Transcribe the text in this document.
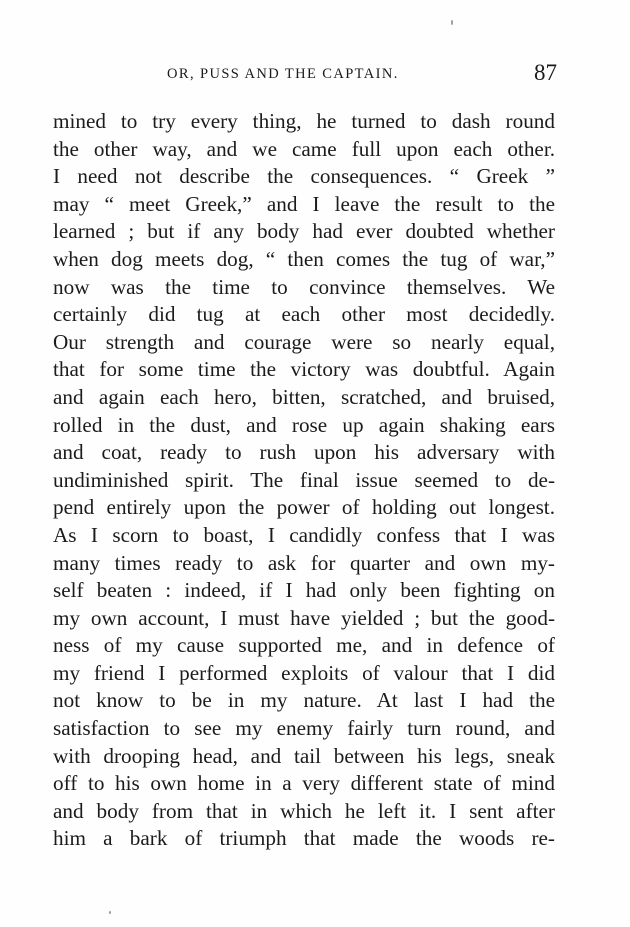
OR, PUSS AND THE CAPTAIN.	87
mined to try every thing, he turned to dash round
the other way, and we came full upon each other.
I need not describe the consequences. “ Greek ”
may “ meet Greek,” and I leave the result to the
learned ; but if any body had ever doubted whether
when dog meets dog, “ then comes the tug of war,”
now was the time to convince themselves. We
certainly did tug at each other most decidedly.
Our strength and courage were so nearly equal,
that for some time the victory was doubtful. Again
and again each hero, bitten, scratched, and bruised,
rolled in the dust, and rose up again shaking ears
and coat, ready to rush upon his adversary with
undiminished spirit. The final issue seemed to de-
pend entirely upon the power of holding out longest.
As I scorn to boast, I candidly confess that I was
many times ready to ask for quarter and own my-
self beaten : indeed, if I had only been fighting on
my own account, I must have yielded ; but the good-
ness of my cause supported me, and in defence of
my friend I performed exploits of valour that I did
not know to be in my nature. At last I had the
satisfaction to see my enemy fairly turn round, and
with drooping head, and tail between his legs, sneak
off to his own home in a very different state of mind
and body from that in which he left it. I sent after
him a bark of triumph that made the woods re-
